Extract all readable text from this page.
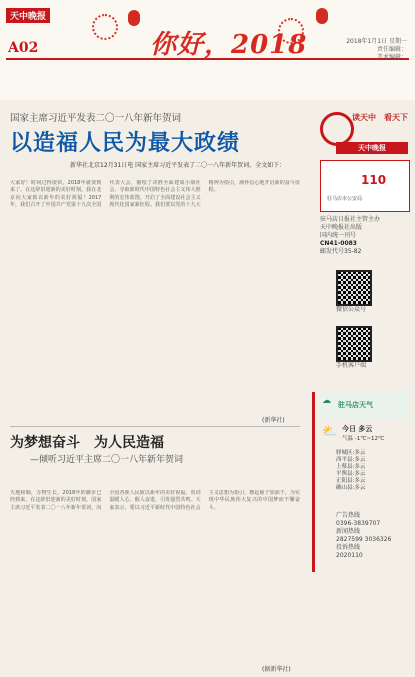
天中晚报
A02	你好，2018	2018年1月1日 星期一
责任编辑：
美术编辑：
国家主席习近平发表二〇一八年新年贺词
以造福人民为最大政绩
新华社北京12月31日电 国家主席习近平发表了二〇一八年新年贺词。全文如下：
大家好！时间过得很快，2018年就要到来了。在这辞旧迎新的美好时刻，我在北京向大家致以新年的美好祝福！2017年，我们召开了中国共产党第十九次全国代表大会，描绘了决胜全面建成小康社会、夺取新时代中国特色社会主义伟大胜利的宏伟蓝图，开启了全面建设社会主义现代化国家新征程。我们要以党的十九大精神为指引，满怀信心地开启新的奋斗征程。
(新华社)
为梦想奋斗　为人民造福
—倾听习近平主席二〇一八年新年贺词
天地和顺，万物生长。2018年的脚步已经到来。在这辞旧迎新的美好时刻，国家主席习近平发表二〇一八年新年贺词，向全国各族人民致以新年的美好祝福。贺词温暖人心、催人奋进，引发强烈共鸣。大家表示，要以习近平新时代中国特色社会主义思想为指引，撸起袖子加油干，为实现中华民族伟大复兴的中国梦而不懈奋斗。
(据新华社)
读天中　看天下
天中晚报
110
驻马店市公安局
驻马店日报社主管主办
天中晚报社出版
国内统一刊号
CN41-0083
邮发代号35-82
微信公众号
手机客户端
驻马店天气
☁
今日 多云
气温 -1℃~12℃
⛅
驿城区:多云
西平县:多云
上蔡县:多云
平舆县:多云
正阳县:多云
确山县:多云
广告热线
0396-3839707
新闻热线
2827599 3036326
投诉热线
2020110
